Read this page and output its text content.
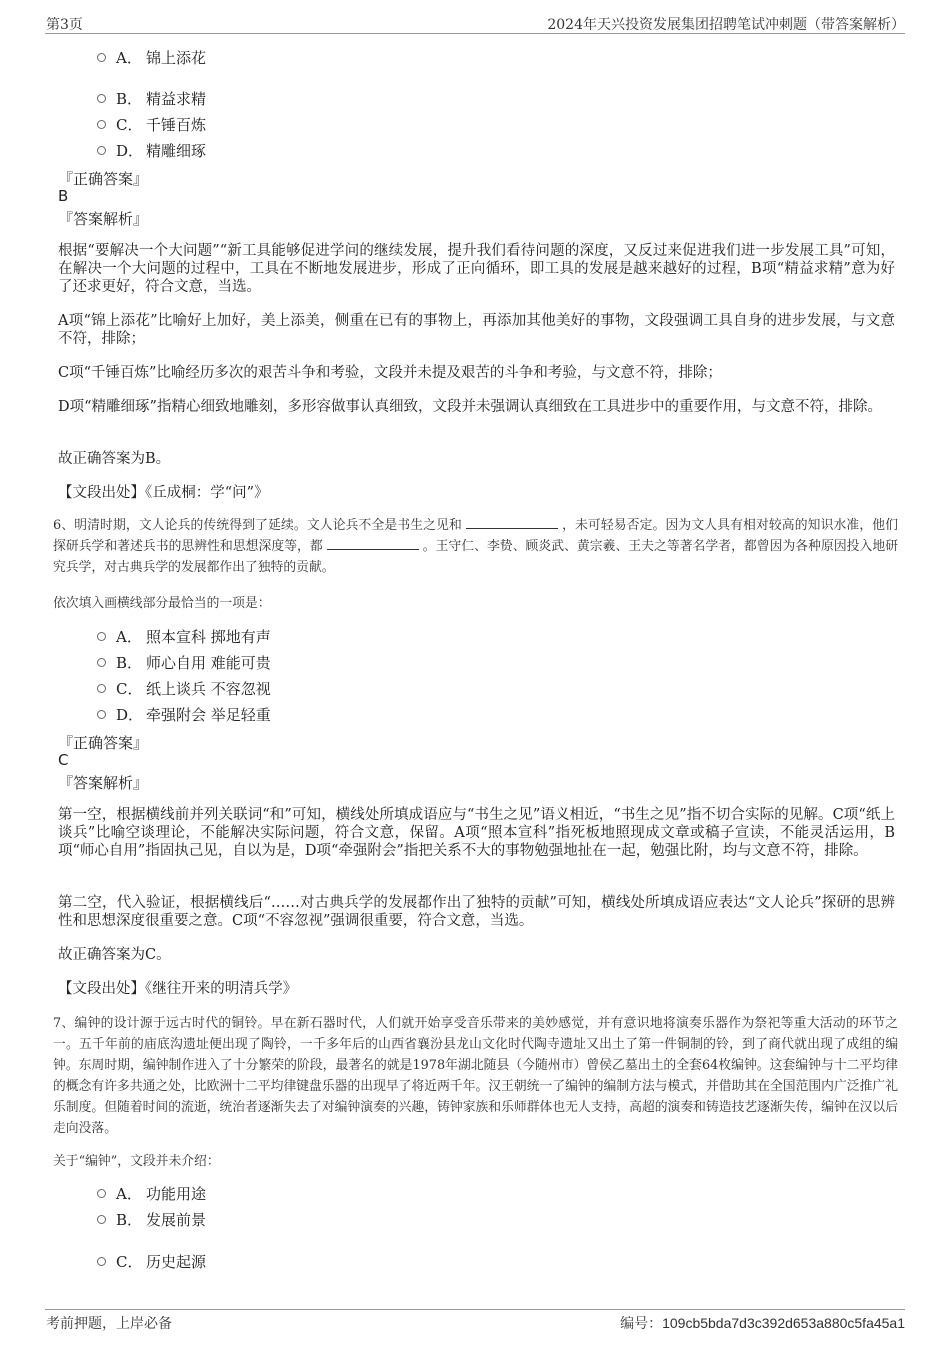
第3页	2024年天兴投资发展集团招聘笔试冲刺题（带答案解析）
A． 锦上添花
B． 精益求精
C． 千锤百炼
D． 精雕细琢
『正确答案』
B
『答案解析』
根据“要解决一个大问题”“新工具能够促进学问的继续发展，提升我们看待问题的深度，又反过来促进我们进一步发展工具”可知，在解决一个大问题的过程中，工具在不断地发展进步，形成了正向循环，即工具的发展是越来越好的过程，B项“精益求精”意为好了还求更好，符合文意，当选。
A项“锦上添花”比喻好上加好，美上添美，侧重在已有的事物上，再添加其他美好的事物，文段强调工具自身的进步发展，与文意不符，排除；
C项“千锤百炼”比喻经历多次的艰苦斗争和考验，文段并未提及艰苦的斗争和考验，与文意不符，排除；
D项“精雕细琢”指精心细致地雕刻，多形容做事认真细致，文段并未强调认真细致在工具进步中的重要作用，与文意不符，排除。
故正确答案为B。
【文段出处】《丘成桐：学“问”》
6、明清时期，文人论兵的传统得到了延续。文人论兵不全是书生之见和	，未可轻易否定。因为文人具有相对较高的知识水准，他们探研兵学和著述兵书的思辨性和思想深度等，都	。王守仁、李贽、顾炎武、黄宗羲、王夫之等著名学者，都曾因为各种原因投入地研究兵学，对古典兵学的发展都作出了独特的贡献。
依次填入画横线部分最恰当的一项是：
A． 照本宣科 掷地有声
B． 师心自用 难能可贵
C． 纸上谈兵 不容忽视
D． 牵强附会 举足轻重
『正确答案』
C
『答案解析』
第一空，根据横线前并列关联词“和”可知，横线处所填成语应与“书生之见”语义相近，“书生之见”指不切合实际的见解。C项“纸上谈兵”比喻空谈理论，不能解决实际问题，符合文意，保留。A项“照本宣科”指死板地照现成文章或稿子宣读，不能灵活运用，B项“师心自用”指固执己见，自以为是，D项“牵强附会”指把关系不大的事物勉强地扯在一起，勉强比附，均与文意不符，排除。
第二空，代入验证，根据横线后“……对古典兵学的发展都作出了独特的贡献”可知，横线处所填成语应表达“文人论兵”探研的思辨性和思想深度很重要之意。C项“不容忽视”强调很重要，符合文意，当选。
故正确答案为C。
【文段出处】《继往开来的明清兵学》
7、编钟的设计源于远古时代的铜铃。早在新石器时代，人们就开始享受音乐带来的美妙感觉，并有意识地将演奏乐器作为祭祀等重大活动的环节之一。五千年前的庙底沟遗址便出现了陶铃，一千多年后的山西省襄汾县龙山文化时代陶寺遗址又出土了第一件铜制的铃，到了商代就出现了成组的编钟。东周时期，编钟制作进入了十分繁荣的阶段，最著名的就是1978年湖北随县（今随州市）曾侯乙墓出土的全套64枚编钟。这套编钟与十二平均律的概念有许多共通之处，比欧洲十二平均律键盘乐器的出现早了将近两千年。汉王朝统一了编钟的编制方法与模式，并借助其在全国范围内广泛推广礼乐制度。但随着时间的流逝，统治者逐渐失去了对编钟演奏的兴趣，铸钟家族和乐师群体也无人支持，高超的演奏和铸造技艺逐渐失传，编钟在汉以后走向没落。
关于“编钟”，文段并未介绍：
A． 功能用途
B． 发展前景
C． 历史起源
考前押题，上岸必备	编号：109cb5bda7d3c392d653a880c5fa45a1
